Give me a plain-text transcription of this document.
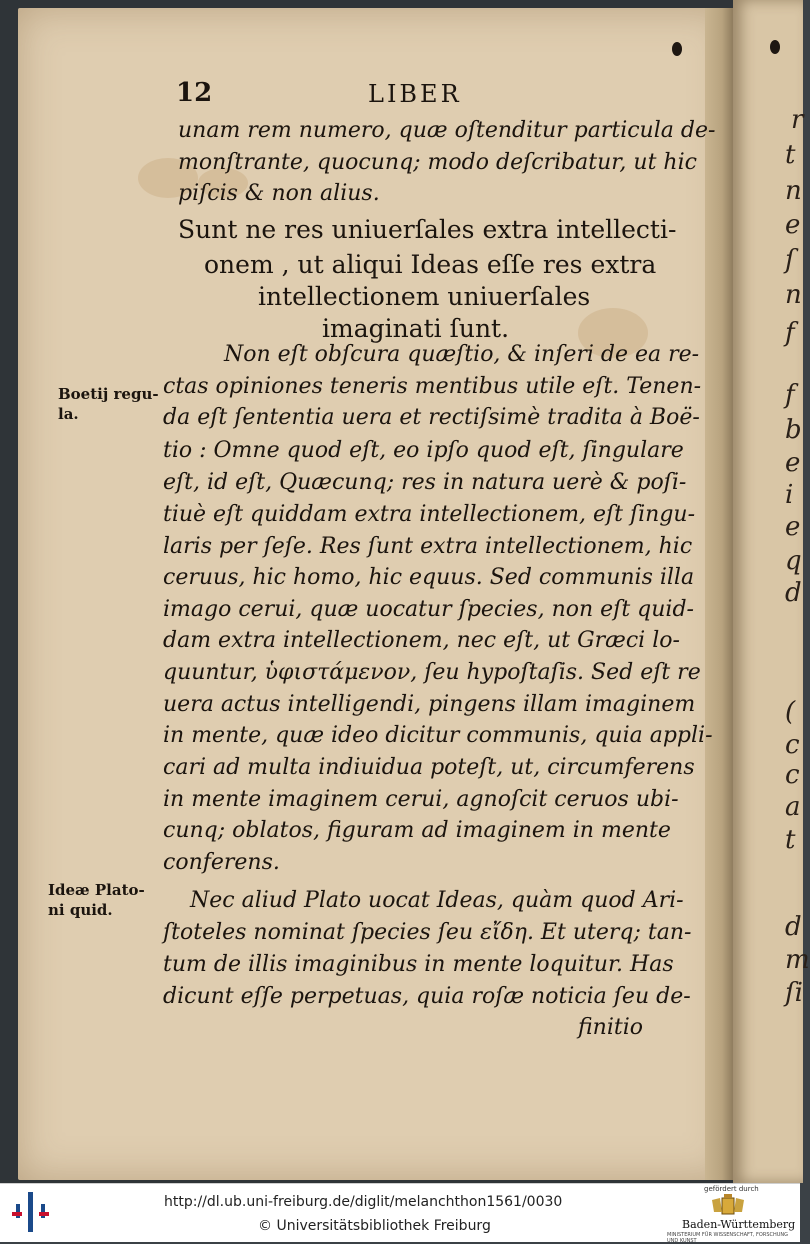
r
t
n
e
ſ
n
f
f
b
e
i
e
q
d
(
c
c
a
t
d
m
ſi
12	LIBER
unam rem numero, quæ oſtenditur particula de-
monſtrante, quocunq; modo deſcribatur, ut hic
piſcis & non alius.
Sunt ne res uniuerſales extra intellecti-
onem , ut aliqui Ideas eſſe res extra
intellectionem uniuerſales
imaginati ſunt.
Non eſt obſcura quæſtio, & inſeri de ea re-
ctas opiniones teneris mentibus utile eſt. Tenen-
da eſt ſententia uera et rectiſsimè tradita à Boë-
tio : Omne quod eſt, eo ipſo quod eſt, ſingulare
eſt, id eſt, Quæcunq; res in natura uerè & poſi-
tiuè eſt quiddam extra intellectionem, eſt ſingu-
laris per ſeſe. Res ſunt extra intellectionem, hic
ceruus, hic homo, hic equus. Sed communis illa
imago cerui, quæ uocatur ſpecies, non eſt quid-
dam extra intellectionem, nec eſt, ut Græci lo-
quuntur, ὑφιστάμενον, ſeu hypoſtaſis. Sed eſt re
uera actus intelligendi, pingens illam imaginem
in mente, quæ ideo dicitur communis, quia appli-
cari ad multa indiuidua poteſt, ut, circumferens
in mente imaginem cerui, agnoſcit ceruos ubi-
cunq; oblatos, figuram ad imaginem in mente
conferens.
Nec aliud Plato uocat Ideas, quàm quod Ari-
ſtoteles nominat ſpecies ſeu εἴδη. Et uterq; tan-
tum de illis imaginibus in mente loquitur. Has
dicunt eſſe perpetuas, quia roſæ noticia ſeu de-
finitio
Boetij regu-
la.
Ideæ Plato-
ni quid.
http://dl.ub.uni-freiburg.de/diglit/melanchthon1561/0030
© Universitätsbibliothek Freiburg
gefördert durch
Baden-Württemberg
MINISTERIUM FÜR WISSENSCHAFT, FORSCHUNG UND KUNST
